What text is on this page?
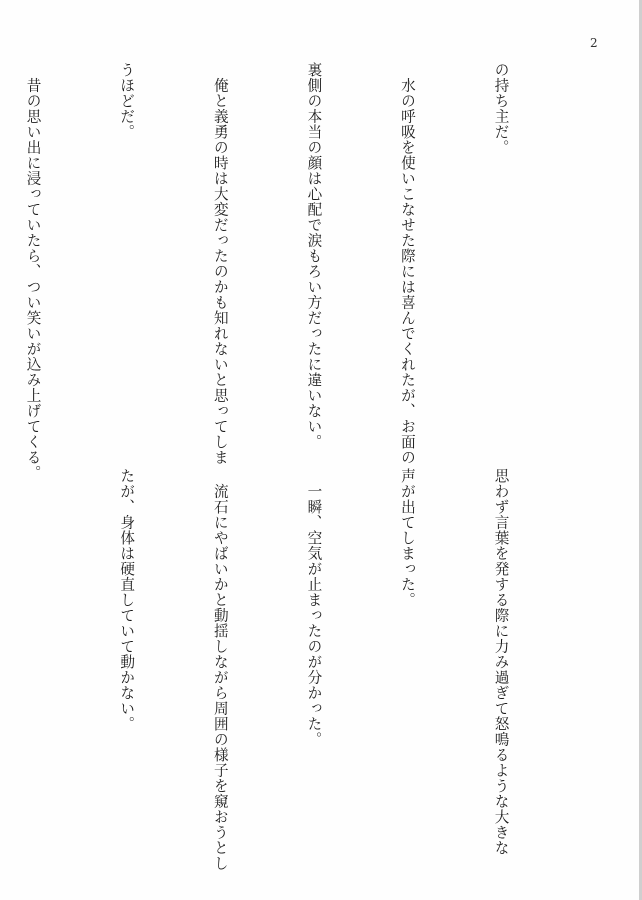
2

の持ち主だ。

　水の呼吸を使いこなせた際には喜んでくれたが、お面の

裏側の本当の顔は心配で涙もろい方だったに違いない。

　俺と義勇の時は大変だったのかも知れないと思ってしま

うほどだ。

　昔の思い出に浸っていたら、つい笑いが込み上げてくる。

思わず言葉を発する際に力み過ぎて怒鳴るような大きな

声が出てしまった。

　一瞬、空気が止まったのが分かった。

　流石にやばいかと動揺しながら周囲の様子を窺おうとし

たが、身体は硬直していて動かない。
